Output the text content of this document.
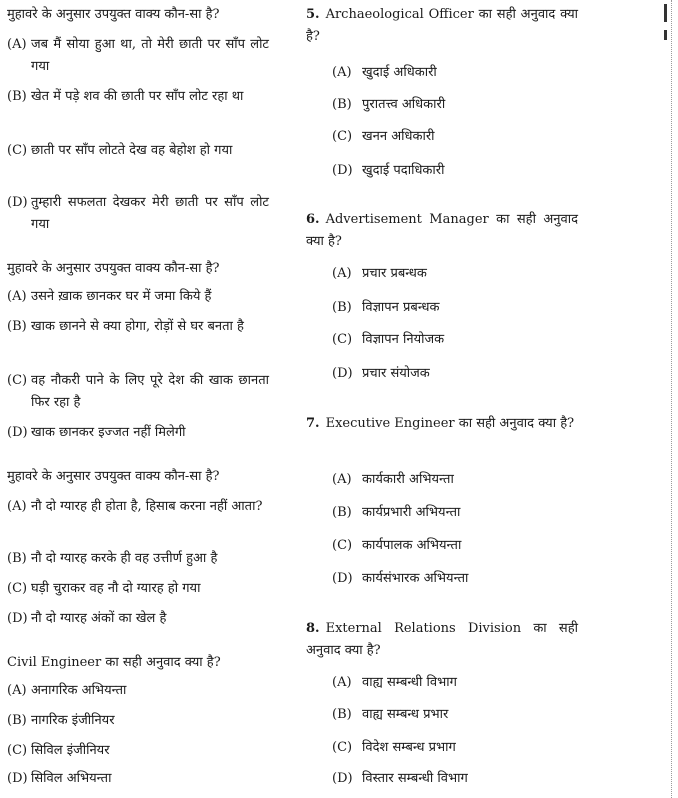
मुहावरे के अनुसार उपयुक्त वाक्य कौन-सा है?
(A) जब मैं सोया हुआ था, तो मेरी छाती पर साँप लोट गया
(B) खेत में पड़े शव की छाती पर साँप लोट रहा था
(C) छाती पर साँप लोटते देख वह बेहोश हो गया
(D) तुम्हारी सफलता देखकर मेरी छाती पर साँप लोट गया
मुहावरे के अनुसार उपयुक्त वाक्य कौन-सा है?
(A) उसने ख़ाक छानकर घर में जमा किये हैं
(B) खाक छानने से क्या होगा, रोड़ों से घर बनता है
(C) वह नौकरी पाने के लिए पूरे देश की खाक छानता फिर रहा है
(D) खाक छानकर इज्जत नहीं मिलेगी
मुहावरे के अनुसार उपयुक्त वाक्य कौन-सा है?
(A) नौ दो ग्यारह ही होता है, हिसाब करना नहीं आता?
(B) नौ दो ग्यारह करके ही वह उत्तीर्ण हुआ है
(C) घड़ी चुराकर वह नौ दो ग्यारह हो गया
(D) नौ दो ग्यारह अंकों का खेल है
Civil Engineer का सही अनुवाद क्या है?
(A) अनागरिक अभियन्ता
(B) नागरिक इंजीनियर
(C) सिविल इंजीनियर
(D) सिविल अभियन्ता
5. Archaeological Officer का सही अनुवाद क्या है?
(A) खुदाई अधिकारी
(B) पुरातत्त्व अधिकारी
(C) खनन अधिकारी
(D) खुदाई पदाधिकारी
6. Advertisement Manager का सही अनुवाद क्या है?
(A) प्रचार प्रबन्धक
(B) विज्ञापन प्रबन्धक
(C) विज्ञापन नियोजक
(D) प्रचार संयोजक
7. Executive Engineer का सही अनुवाद क्या है?
(A) कार्यकारी अभियन्ता
(B) कार्यप्रभारी अभियन्ता
(C) कार्यपालक अभियन्ता
(D) कार्यसंभारक अभियन्ता
8. External Relations Division का सही अनुवाद क्या है?
(A) वाह्य सम्बन्धी विभाग
(B) वाह्य सम्बन्ध प्रभार
(C) विदेश सम्बन्ध प्रभाग
(D) विस्तार सम्बन्धी विभाग
